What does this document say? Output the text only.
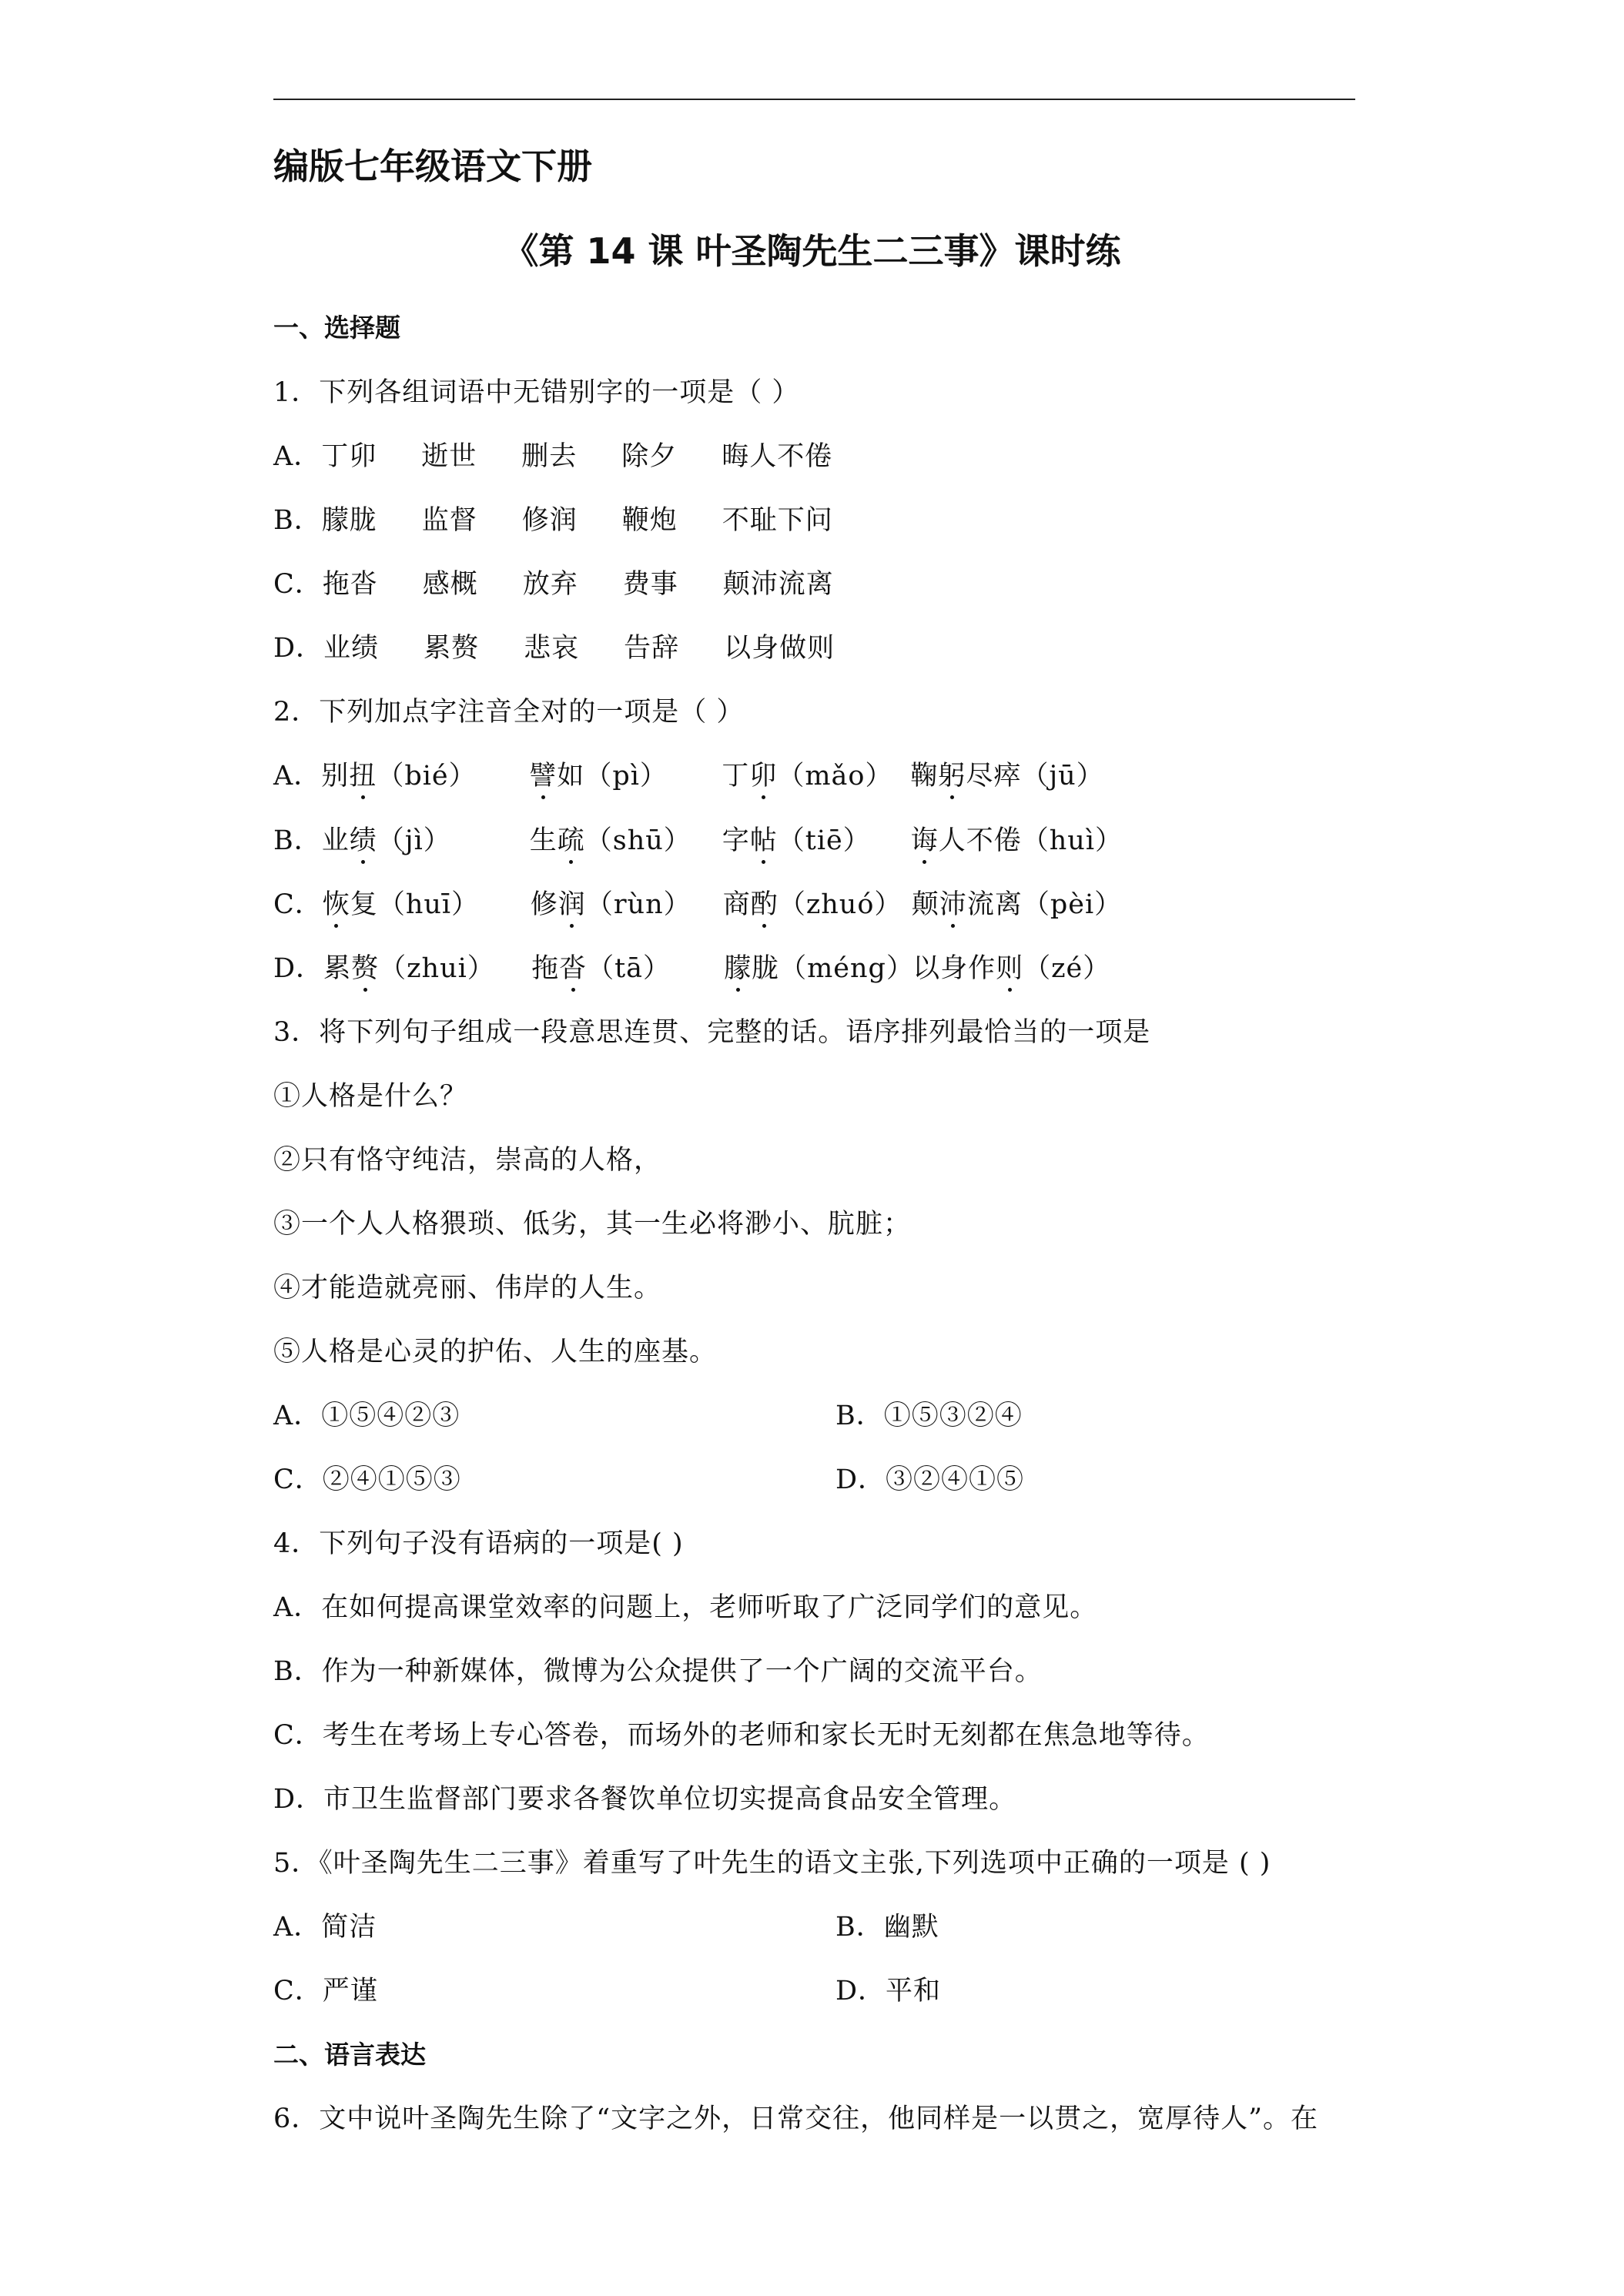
编版七年级语文下册
《第 14 课 叶圣陶先生二三事》课时练
一、选择题
1．下列各组词语中无错别字的一项是（ ）
A．丁卯 逝世 删去 除夕 晦人不倦
B．朦胧 监督 修润 鞭炮 不耻下问
C．拖沓 感概 放弃 费事 颠沛流离
D．业绩 累赘 悲哀 告辞 以身做则
2．下列加点字注音全对的一项是（ ）
A．别扭（bié） 譬如（pì） 丁卯（mǎo） 鞠躬尽瘁（jū）
B．业绩（jì）	生疏（shū） 字帖（tiē） 诲人不倦（huì）
C．恢复（huī） 修润（rùn） 商酌（zhuó） 颠沛流离（pèi）
D．累赘（zhui） 拖沓（tā） 朦胧（méng）以身作则（zé）
3．将下列句子组成一段意思连贯、完整的话。语序排列最恰当的一项是
①人格是什么？
②只有恪守纯洁，崇高的人格，
③一个人人格猥琐、低劣，其一生必将渺小、肮脏；
④才能造就亮丽、伟岸的人生。
⑤人格是心灵的护佑、人生的座基。
A．①⑤④②③	B．①⑤③②④
C．②④①⑤③	D．③②④①⑤
4．下列句子没有语病的一项是( )
A．在如何提高课堂效率的问题上，老师听取了广泛同学们的意见。
B．作为一种新媒体，微博为公众提供了一个广阔的交流平台。
C．考生在考场上专心答卷，而场外的老师和家长无时无刻都在焦急地等待。
D．市卫生监督部门要求各餐饮单位切实提高食品安全管理。
5．《叶圣陶先生二三事》着重写了叶先生的语文主张,下列选项中正确的一项是 ( )
A．简洁	B．幽默
C．严谨	D．平和
二、语言表达
6．文中说叶圣陶先生除了“文字之外，日常交往，他同样是一以贯之，宽厚待人”。在
